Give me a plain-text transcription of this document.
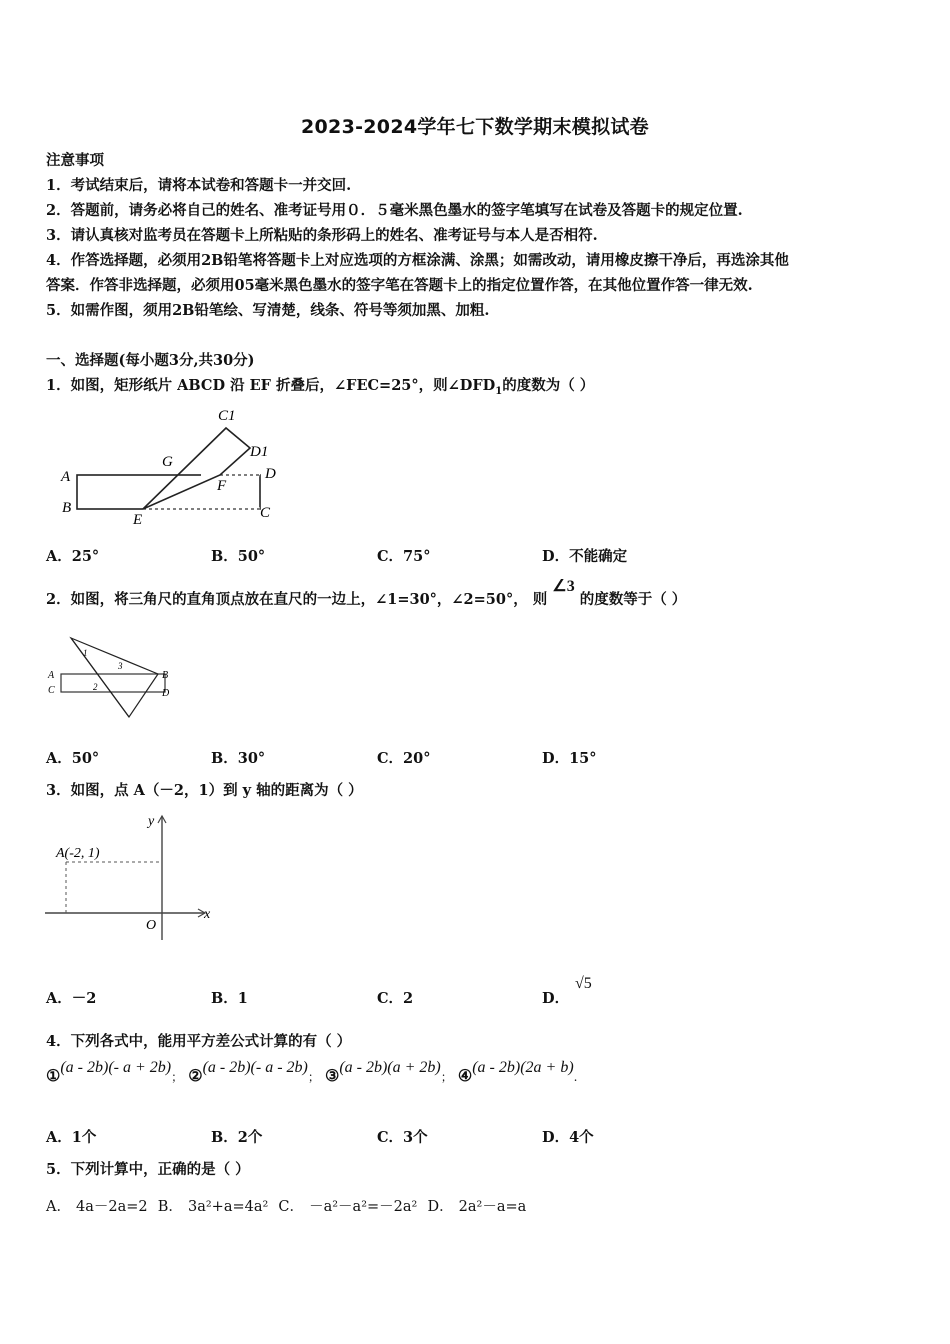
2023-2024学年七下数学期末模拟试卷
注意事项
1．考试结束后，请将本试卷和答题卡一并交回.
2．答题前，请务必将自己的姓名、准考证号用０．５毫米黑色墨水的签字笔填写在试卷及答题卡的规定位置.
3．请认真核对监考员在答题卡上所粘贴的条形码上的姓名、准考证号与本人是否相符.
4．作答选择题，必须用2B铅笔将答题卡上对应选项的方框涂满、涂黑；如需改动，请用橡皮擦干净后，再选涂其他
答案．作答非选择题，必须用05毫米黑色墨水的签字笔在答题卡上的指定位置作答，在其他位置作答一律无效.
5．如需作图，须用2B铅笔绘、写清楚，线条、符号等须加黑、加粗.
一、选择题(每小题3分,共30分)
1．如图，矩形纸片 ABCD 沿 EF 折叠后，∠FEC=25°，则$\angle DFD_1$的度数为（ ）
A
B	C
D
E
F
G
C1
D1
A．25°	B．50°	C．75°	D．不能确定
2．如图，将三角尺的直角顶点放在直尺的一边上，∠1=30°，∠2=50°， 则 ∠3 的度数等于（ ）
A	B
C	D
1
2
3
A．50°	B．30°	C．20°	D．15°
3．如图，点 A（－2，1）到 y 轴的距离为（ ）
y
x
O
A(-2, 1)
A．－2	B．1	C．2	D．
√5
4．下列各式中，能用平方差公式计算的有（ ）
①(a - 2b)(- a + 2b)； ②(a - 2b)(- a - 2b)； ③(a - 2b)(a + 2b)； ④(a - 2b)(2a + b).
A．1个	B．2个	C．3个	D．4个
5．下列计算中，正确的是（ ）
A． 4a－2a=2 B． 3a²+a=4a² C． －a²－a²=－2a² D． 2a²－a=a
